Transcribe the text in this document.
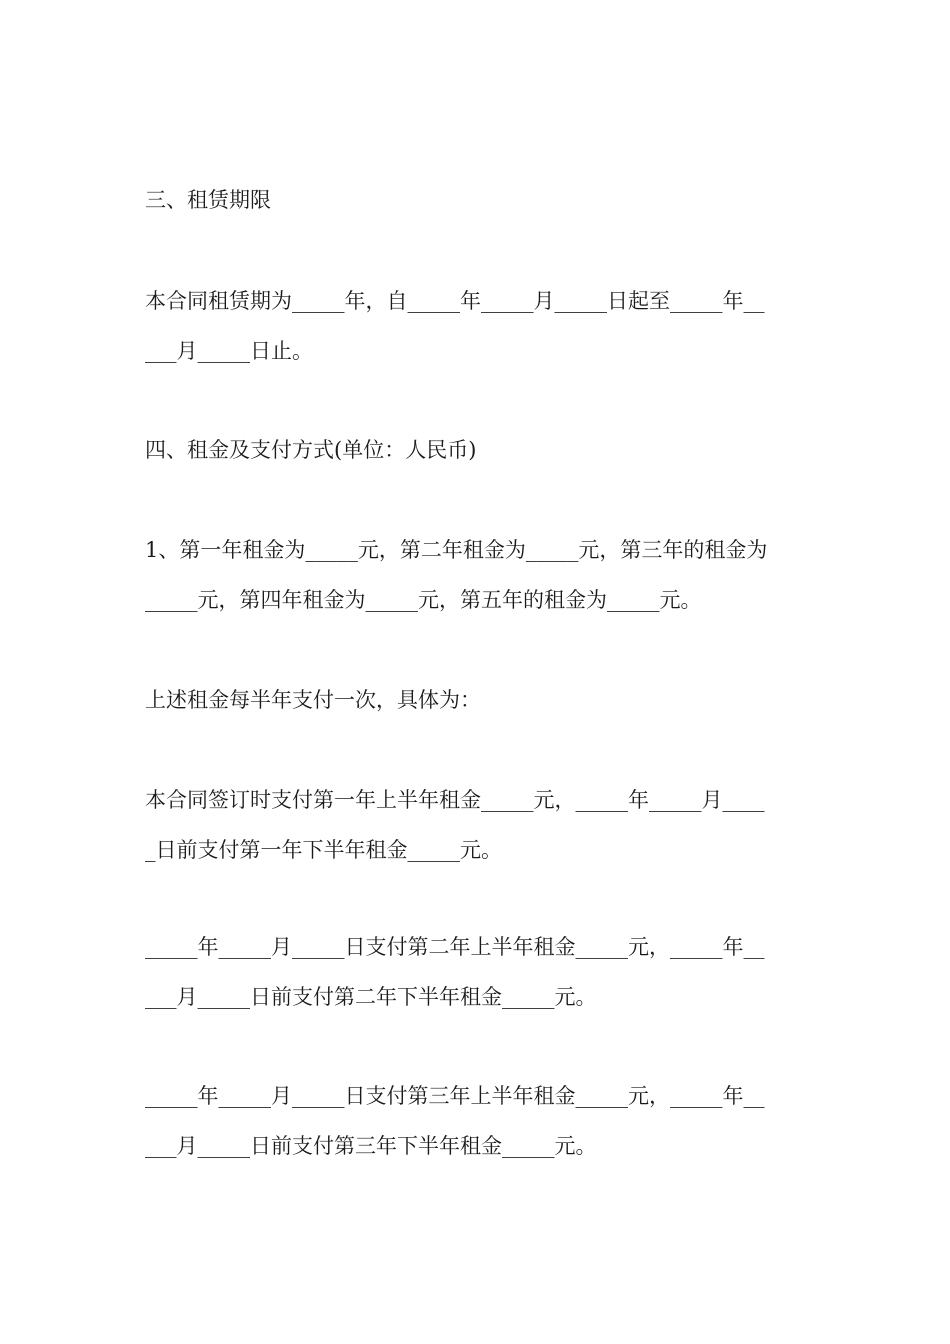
三、租赁期限

本合同租赁期为_____年，自_____年_____月_____日起至_____年__
___月_____日止。

四、租金及支付方式(单位：人民币)

1、第一年租金为_____元，第二年租金为_____元，第三年的租金为
_____元，第四年租金为_____元，第五年的租金为_____元。

上述租金每半年支付一次，具体为：

本合同签订时支付第一年上半年租金_____元，_____年_____月____
_日前支付第一年下半年租金_____元。

_____年_____月_____日支付第二年上半年租金_____元，_____年__
___月_____日前支付第二年下半年租金_____元。

_____年_____月_____日支付第三年上半年租金_____元，_____年__
___月_____日前支付第三年下半年租金_____元。
